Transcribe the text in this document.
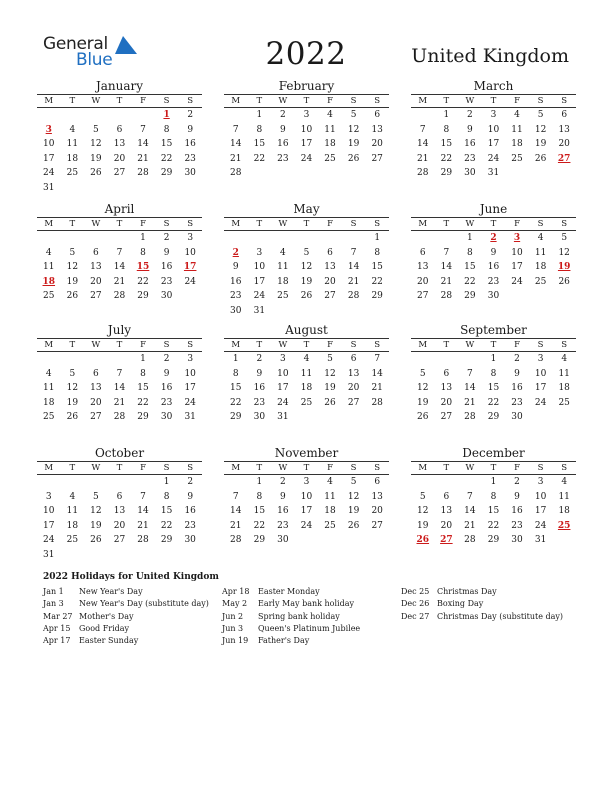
General
Blue	2022	United Kingdom
January
M	T	W	T	F	S	S
					1	2
3	4	5	6	7	8	9
10	11	12	13	14	15	16
17	18	19	20	21	22	23
24	25	26	27	28	29	30
31						
February
M	T	W	T	F	S	S
	1	2	3	4	5	6
7	8	9	10	11	12	13
14	15	16	17	18	19	20
21	22	23	24	25	26	27
28						

March
M	T	W	T	F	S	S
	1	2	3	4	5	6
7	8	9	10	11	12	13
14	15	16	17	18	19	20
21	22	23	24	25	26	27
28	29	30	31			

April
M	T	W	T	F	S	S
				1	2	3
4	5	6	7	8	9	10
11	12	13	14	15	16	17
18	19	20	21	22	23	24
25	26	27	28	29	30	

May
M	T	W	T	F	S	S
						1
2	3	4	5	6	7	8
9	10	11	12	13	14	15
16	17	18	19	20	21	22
23	24	25	26	27	28	29
30	31					
June
M	T	W	T	F	S	S
		1	2	3	4	5
6	7	8	9	10	11	12
13	14	15	16	17	18	19
20	21	22	23	24	25	26
27	28	29	30			

July
M	T	W	T	F	S	S
				1	2	3
4	5	6	7	8	9	10
11	12	13	14	15	16	17
18	19	20	21	22	23	24
25	26	27	28	29	30	31

August
M	T	W	T	F	S	S
1	2	3	4	5	6	7
8	9	10	11	12	13	14
15	16	17	18	19	20	21
22	23	24	25	26	27	28
29	30	31				

September
M	T	W	T	F	S	S
			1	2	3	4
5	6	7	8	9	10	11
12	13	14	15	16	17	18
19	20	21	22	23	24	25
26	27	28	29	30		

October
M	T	W	T	F	S	S
					1	2
3	4	5	6	7	8	9
10	11	12	13	14	15	16
17	18	19	20	21	22	23
24	25	26	27	28	29	30
31						
November
M	T	W	T	F	S	S
	1	2	3	4	5	6
7	8	9	10	11	12	13
14	15	16	17	18	19	20
21	22	23	24	25	26	27
28	29	30				

December
M	T	W	T	F	S	S
			1	2	3	4
5	6	7	8	9	10	11
12	13	14	15	16	17	18
19	20	21	22	23	24	25
26	27	28	29	30	31	

2022 Holidays for United Kingdom
Jan 1 New Year's Day
Jan 3 New Year's Day (substitute day)
Mar 27 Mother's Day
Apr 15 Good Friday
Apr 17 Easter Sunday
Apr 18 Easter Monday
May 2 Early May bank holiday
Jun 2 Spring bank holiday
Jun 3 Queen's Platinum Jubilee
Jun 19 Father's Day
Dec 25 Christmas Day
Dec 26 Boxing Day
Dec 27 Christmas Day (substitute day)
